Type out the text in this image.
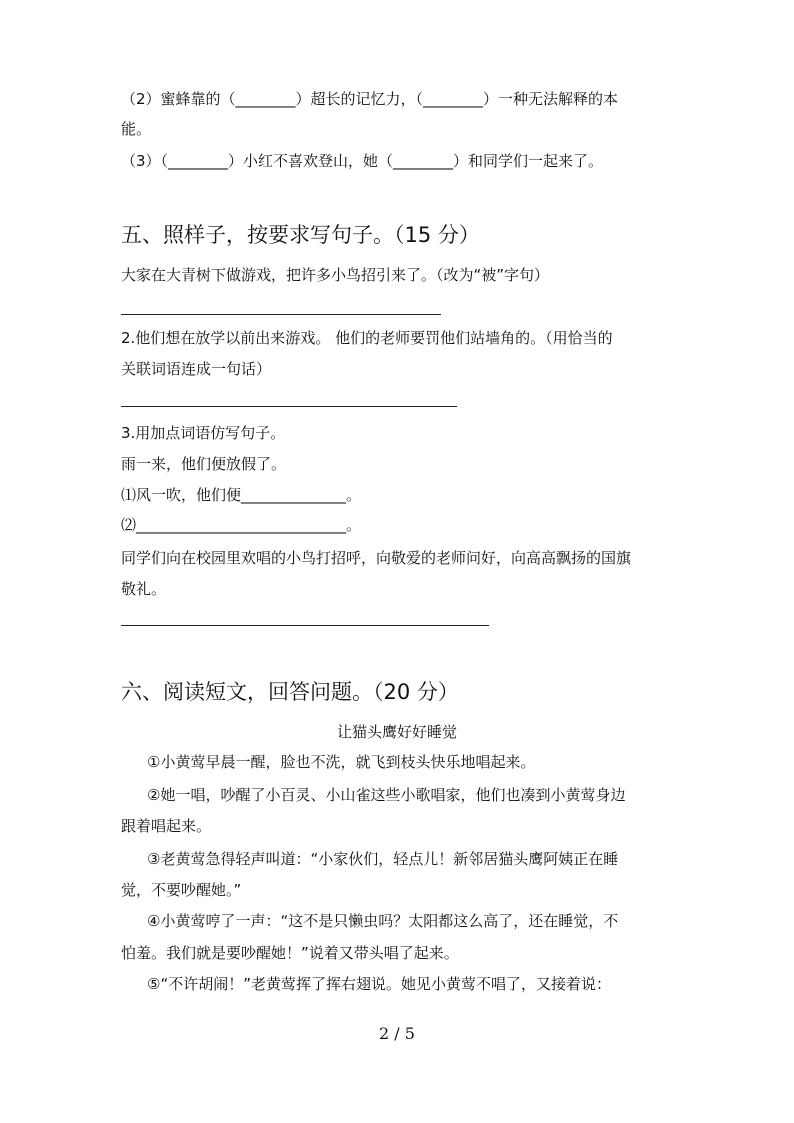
（2）蜜蜂靠的（________）超长的记忆力，（________）一种无法解释的本
能。
（3）（________）小红不喜欢登山，她（________）和同学们一起来了。
五、照样子，按要求写句子。（15 分）
大家在大青树下做游戏，把许多小鸟招引来了。（改为“被”字句）
2.他们想在放学以前出来游戏。 他们的老师要罚他们站墙角的。（用恰当的
关联词语连成一句话）
3.用加点词语仿写句子。
雨一来，他们便放假了。
⑴风一吹，他们便______________。
⑵____________________________。
同学们向在校园里欢唱的小鸟打招呼，向敬爱的老师问好，向高高飘扬的国旗
敬礼。
六、阅读短文，回答问题。（20 分）
让猫头鹰好好睡觉
①小黄莺早晨一醒，脸也不洗，就飞到枝头快乐地唱起来。
②她一唱，吵醒了小百灵、小山雀这些小歌唱家，他们也凑到小黄莺身边
跟着唱起来。
③老黄莺急得轻声叫道：“小家伙们，轻点儿！新邻居猫头鹰阿姨正在睡
觉，不要吵醒她。”
④小黄莺哼了一声：“这不是只懒虫吗？太阳都这么高了，还在睡觉，不
怕羞。我们就是要吵醒她！”说着又带头唱了起来。
⑤“不许胡闹！”老黄莺挥了挥右翅说。她见小黄莺不唱了，又接着说：
2 / 5
